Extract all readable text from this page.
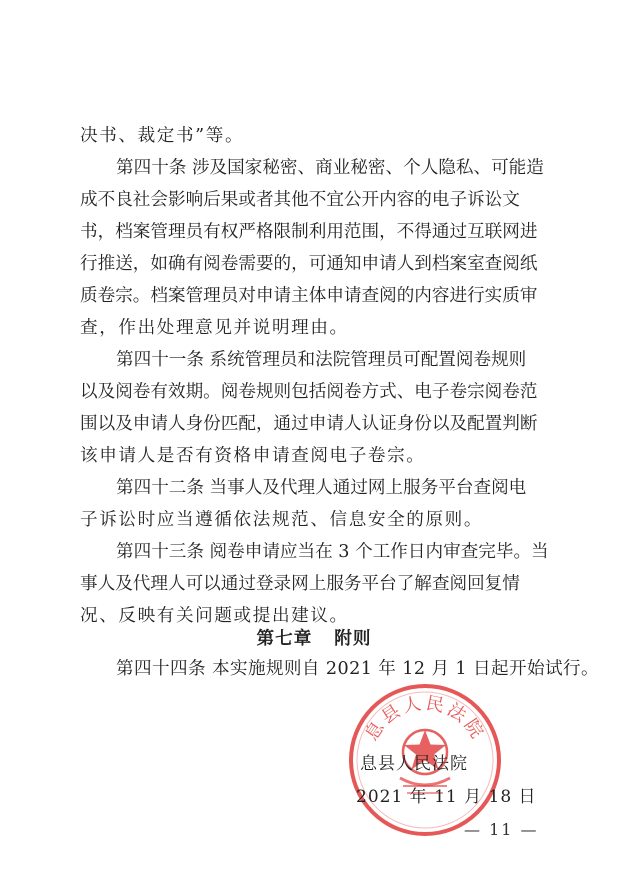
决书、裁定书”等。
第四十条 涉及国家秘密、商业秘密、个人隐私、可能造
成不良社会影响后果或者其他不宜公开内容的电子诉讼文
书，档案管理员有权严格限制利用范围，不得通过互联网进
行推送，如确有阅卷需要的，可通知申请人到档案室查阅纸
质卷宗。档案管理员对申请主体申请查阅的内容进行实质审
查，作出处理意见并说明理由。
第四十一条 系统管理员和法院管理员可配置阅卷规则
以及阅卷有效期。阅卷规则包括阅卷方式、电子卷宗阅卷范
围以及申请人身份匹配，通过申请人认证身份以及配置判断
该申请人是否有资格申请查阅电子卷宗。
第四十二条 当事人及代理人通过网上服务平台查阅电
子诉讼时应当遵循依法规范、信息安全的原则。
第四十三条 阅卷申请应当在 3 个工作日内审查完毕。当
事人及代理人可以通过登录网上服务平台了解查阅回复情
况、反映有关问题或提出建议。
第七章 附则
第四十四条 本实施规则自 2021 年 12 月 1 日起开始试行。
息县人民法院
息县人民法院
2021 年 11 月 18 日
— 11 —
